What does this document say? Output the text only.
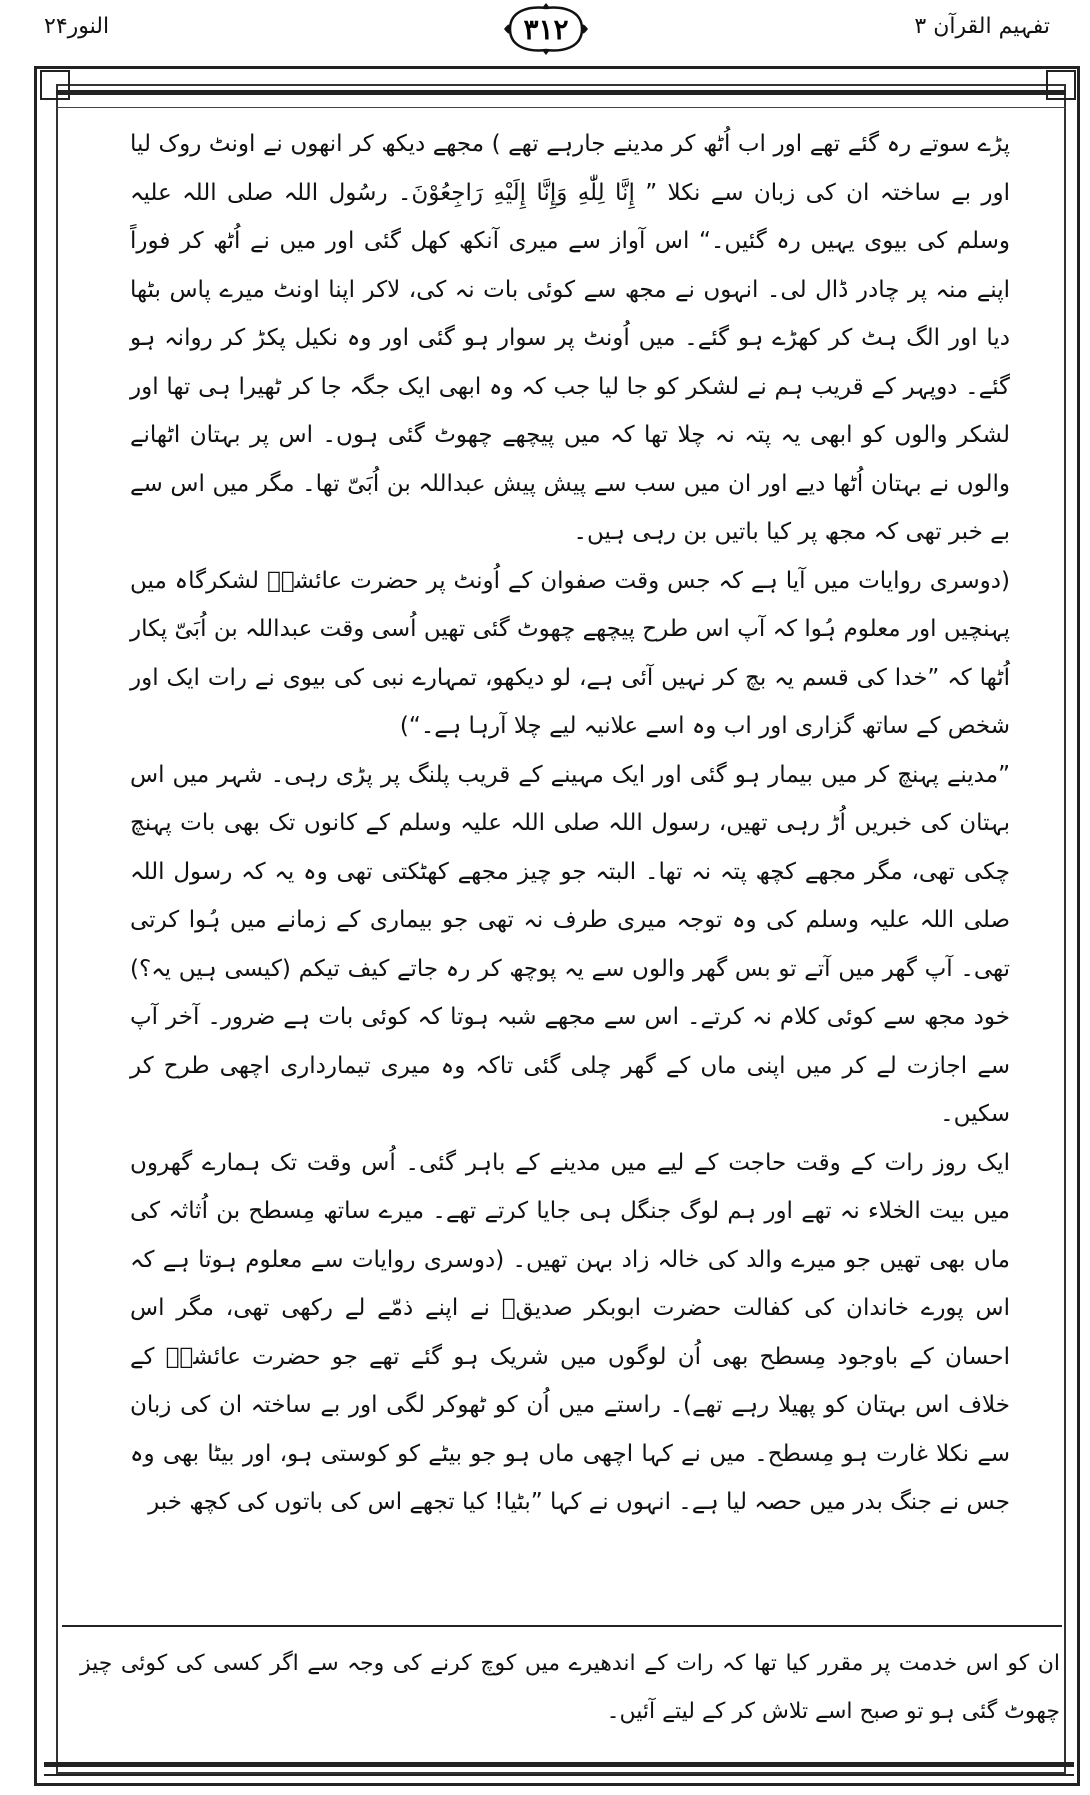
النور۲۴	۳۱۲	تفہیم القرآن ۳

پڑے سوتے رہ گئے تھے اور اب اُٹھ کر مدینے جارہے تھے ) مجھے دیکھ کر انھوں نے اونٹ روک لیا اور بے ساختہ ان کی زبان سے نکلا ” إِنَّا لِلّٰهِ وَإِنَّا إِلَيْهِ رَاجِعُوْنَ۔ رسُول اللہ صلی اللہ علیہ وسلم کی بیوی یہیں رہ گئیں۔“ اس آواز سے میری آنکھ کھل گئی اور میں نے اُٹھ کر فوراً اپنے منہ پر چادر ڈال لی۔ انہوں نے مجھ سے کوئی بات نہ کی، لاکر اپنا اونٹ میرے پاس بٹھا دیا اور الگ ہٹ کر کھڑے ہو گئے۔ میں اُونٹ پر سوار ہو گئی اور وہ نکیل پکڑ کر روانہ ہو گئے۔ دوپہر کے قریب ہم نے لشکر کو جا لیا جب کہ وہ ابھی ایک جگہ جا کر ٹھیرا ہی تھا اور لشکر والوں کو ابھی یہ پتہ نہ چلا تھا کہ میں پیچھے چھوٹ گئی ہوں۔ اس پر بہتان اٹھانے والوں نے بہتان اُٹھا دیے اور ان میں سب سے پیش پیش عبداللہ بن اُبَیّ تھا۔ مگر میں اس سے بے خبر تھی کہ مجھ پر کیا باتیں بن رہی ہیں۔

(دوسری روایات میں آیا ہے کہ جس وقت صفوان کے اُونٹ پر حضرت عائشہؓ لشکرگاہ میں پہنچیں اور معلوم ہُوا کہ آپ اس طرح پیچھے چھوٹ گئی تھیں اُسی وقت عبداللہ بن اُبَیّ پکار اُٹھا کہ ”خدا کی قسم یہ بچ کر نہیں آئی ہے، لو دیکھو، تمہارے نبی کی بیوی نے رات ایک اور شخص کے ساتھ گزاری اور اب وہ اسے علانیہ لیے چلا آرہا ہے۔“)

”مدینے پہنچ کر میں بیمار ہو گئی اور ایک مہینے کے قریب پلنگ پر پڑی رہی۔ شہر میں اس بہتان کی خبریں اُڑ رہی تھیں، رسول اللہ صلی اللہ علیہ وسلم کے کانوں تک بھی بات پہنچ چکی تھی، مگر مجھے کچھ پتہ نہ تھا۔ البتہ جو چیز مجھے کھٹکتی تھی وہ یہ کہ رسول اللہ صلی اللہ علیہ وسلم کی وہ توجہ میری طرف نہ تھی جو بیماری کے زمانے میں ہُوا کرتی تھی۔ آپ گھر میں آتے تو بس گھر والوں سے یہ پوچھ کر رہ جاتے کیف تیکم (کیسی ہیں یہ؟) خود مجھ سے کوئی کلام نہ کرتے۔ اس سے مجھے شبہ ہوتا کہ کوئی بات ہے ضرور۔ آخر آپ سے اجازت لے کر میں اپنی ماں کے گھر چلی گئی تاکہ وہ میری تیمارداری اچھی طرح کر سکیں۔

ایک روز رات کے وقت حاجت کے لیے میں مدینے کے باہر گئی۔ اُس وقت تک ہمارے گھروں میں بیت الخلاء نہ تھے اور ہم لوگ جنگل ہی جایا کرتے تھے۔ میرے ساتھ مِسطح بن اُثاثہ کی ماں بھی تھیں جو میرے والد کی خالہ زاد بہن تھیں۔ (دوسری روایات سے معلوم ہوتا ہے کہ اس پورے خاندان کی کفالت حضرت ابوبکر صدیقؓ نے اپنے ذمّے لے رکھی تھی، مگر اس احسان کے باوجود مِسطح بھی اُن لوگوں میں شریک ہو گئے تھے جو حضرت عائشہؓ کے خلاف اس بہتان کو پھیلا رہے تھے)۔ راستے میں اُن کو ٹھوکر لگی اور بے ساختہ ان کی زبان سے نکلا غارت ہو مِسطح۔ میں نے کہا اچھی ماں ہو جو بیٹے کو کوستی ہو، اور بیٹا بھی وہ جس نے جنگ بدر میں حصہ لیا ہے۔ انہوں نے کہا ”بٹیا! کیا تجھے اس کی باتوں کی کچھ خبر

ان کو اس خدمت پر مقرر کیا تھا کہ رات کے اندھیرے میں کوچ کرنے کی وجہ سے اگر کسی کی کوئی چیز چھوٹ گئی ہو تو صبح اسے تلاش کر کے لیتے آئیں۔
